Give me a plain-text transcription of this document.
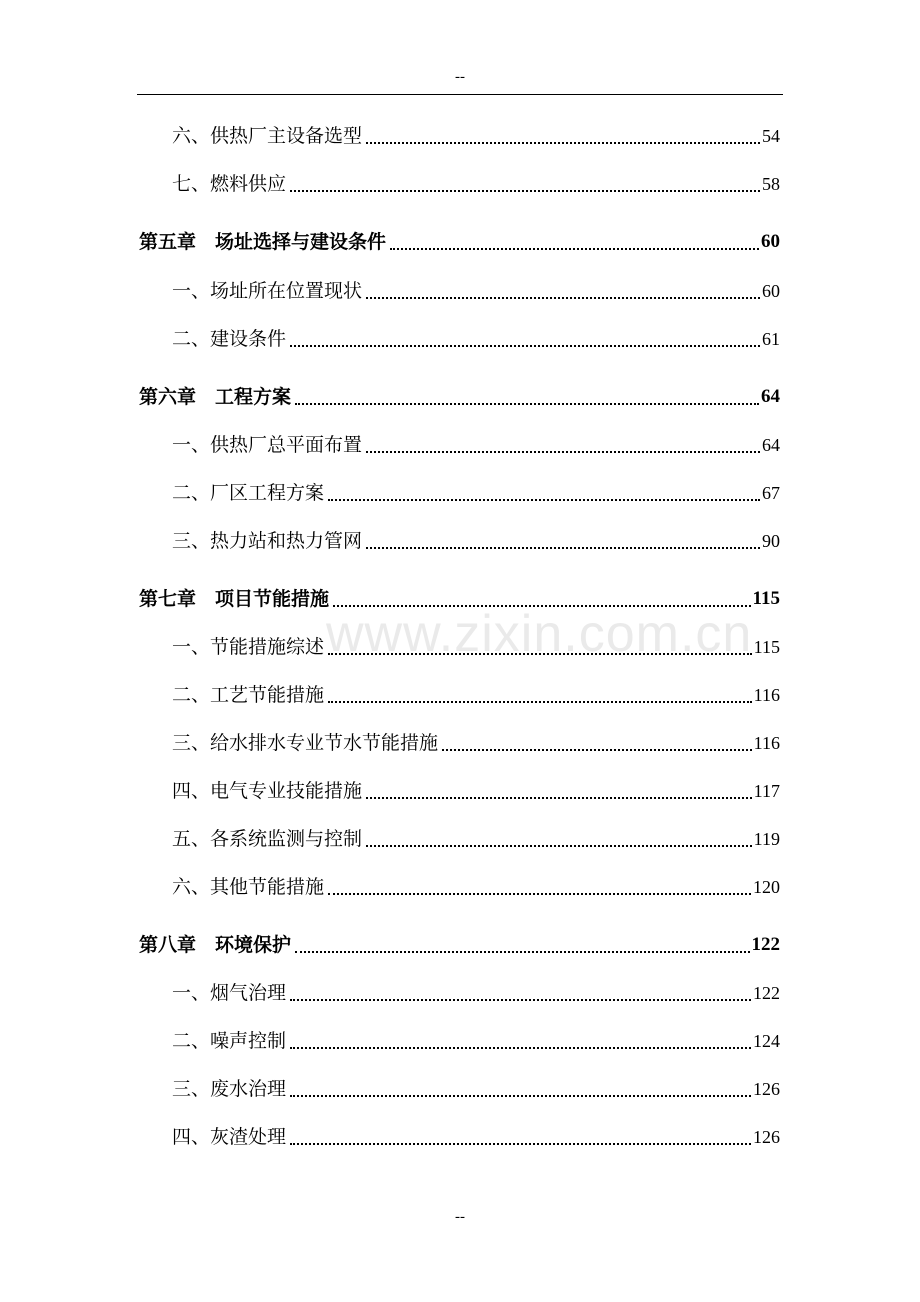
--
www.zixin.com.cn
六、供热厂主设备选型	54
七、燃料供应	58
第五章　场址选择与建设条件	60
一、场址所在位置现状	60
二、建设条件	61
第六章　工程方案	64
一、供热厂总平面布置	64
二、厂区工程方案	67
三、热力站和热力管网	90
第七章　项目节能措施	115
一、节能措施综述	115
二、工艺节能措施	116
三、给水排水专业节水节能措施	116
四、电气专业技能措施	117
五、各系统监测与控制	119
六、其他节能措施	120
第八章　环境保护	122
一、烟气治理	122
二、噪声控制	124
三、废水治理	126
四、灰渣处理	126
--
